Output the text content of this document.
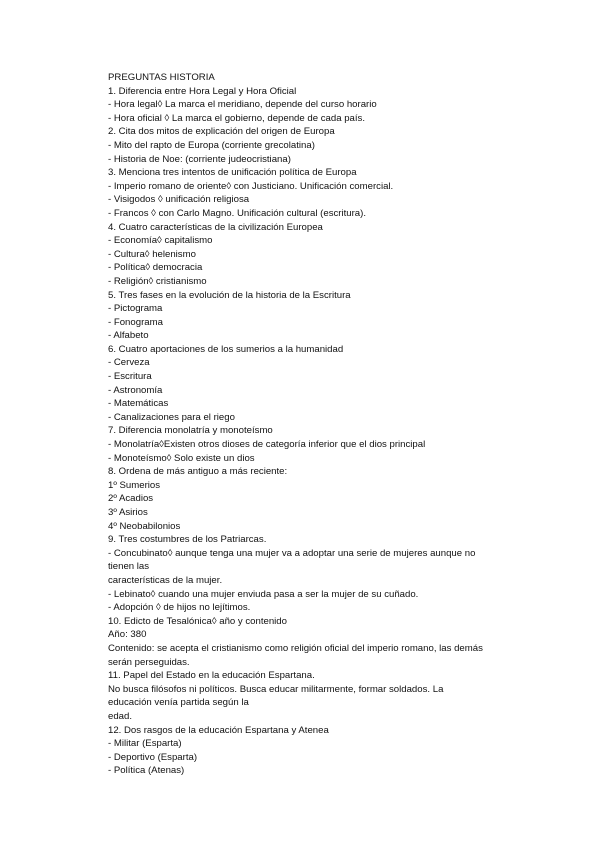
PREGUNTAS HISTORIA
1. Diferencia entre Hora Legal y Hora Oficial
- Hora legal◊ La marca el meridiano, depende del curso horario
- Hora oficial ◊ La marca el gobierno, depende de cada país.
2. Cita dos mitos de explicación del origen de Europa
- Mito del rapto de Europa (corriente grecolatina)
- Historia de Noe: (corriente judeocristiana)
3. Menciona tres intentos de unificación política de Europa
- Imperio romano de oriente◊ con Justiciano. Unificación comercial.
- Visigodos ◊ unificación religiosa
- Francos ◊ con Carlo Magno. Unificación cultural (escritura).
4. Cuatro características de la civilización Europea
- Economía◊ capitalismo
- Cultura◊ helenismo
- Política◊ democracia
- Religión◊ cristianismo
5. Tres fases en la evolución de la historia de la Escritura
- Pictograma
- Fonograma
- Alfabeto
6. Cuatro aportaciones de los sumerios a la humanidad
- Cerveza
- Escritura
- Astronomía
- Matemáticas
- Canalizaciones para el riego
7. Diferencia monolatría y monoteísmo
- Monolatría◊Existen otros dioses de categoría inferior que el dios principal
- Monoteísmo◊ Solo existe un dios
8. Ordena de más antiguo a más reciente:
1º Sumerios
2º Acadios
3º Asirios
4º Neobabilonios
9. Tres costumbres de los Patriarcas.
- Concubinato◊ aunque tenga una mujer va a adoptar una serie de mujeres aunque no
tienen las
características de la mujer.
- Lebinato◊ cuando una mujer enviuda pasa a ser la mujer de su cuñado.
- Adopción ◊ de hijos no lejítimos.
10. Edicto de Tesalónica◊ año y contenido
Año: 380
Contenido: se acepta el cristianismo como religión oficial del imperio romano, las demás
serán perseguidas.
11. Papel del Estado en la educación Espartana.
No busca filósofos ni políticos. Busca educar militarmente, formar soldados. La
educación venía partida según la
edad.
12. Dos rasgos de la educación Espartana y Atenea
- Militar (Esparta)
- Deportivo (Esparta)
- Política (Atenas)
